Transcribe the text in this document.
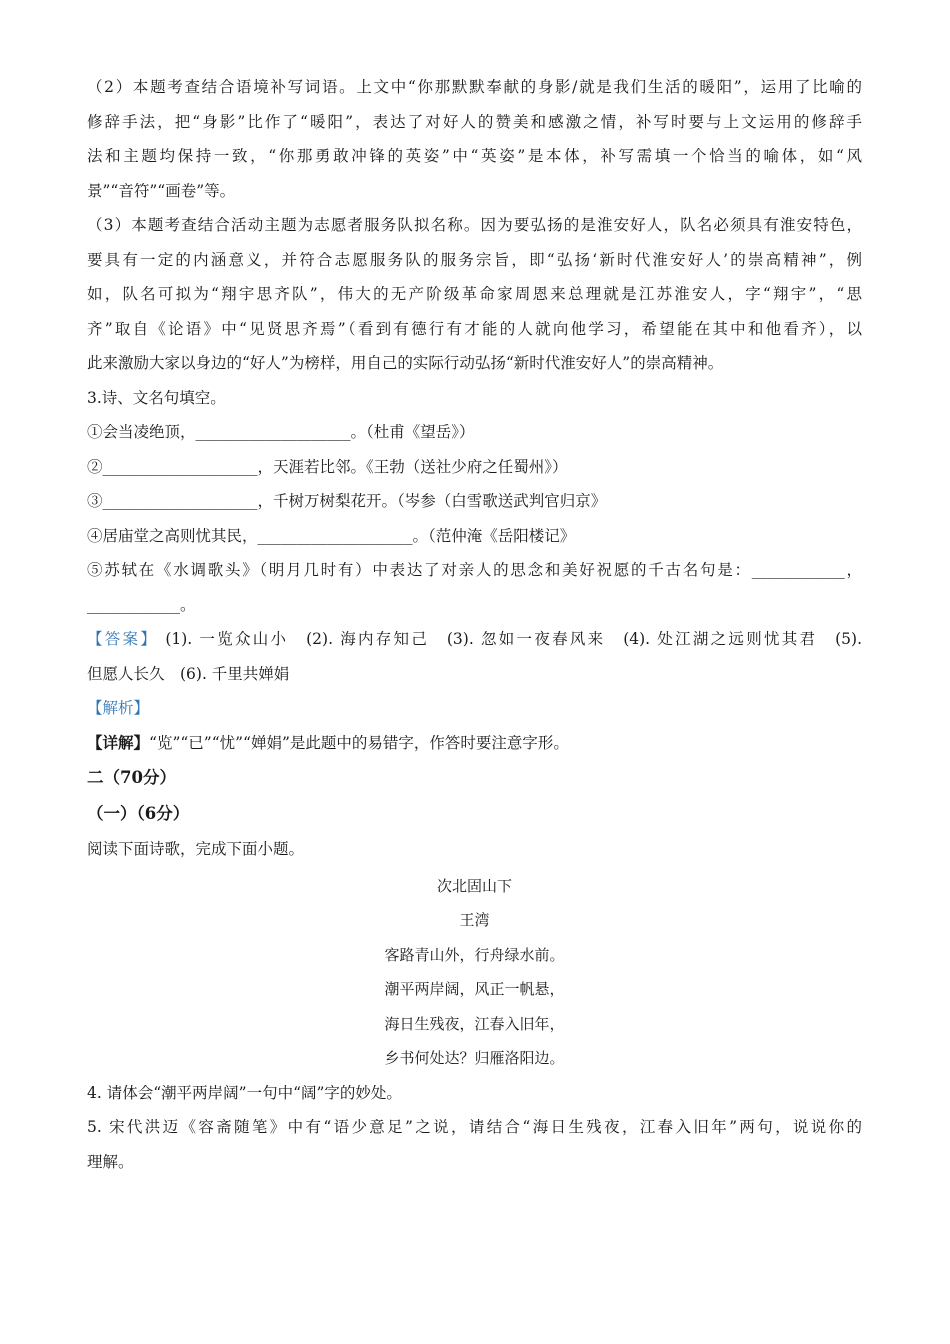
（2）本题考查结合语境补写词语。上文中“你那默默奉献的身影/就是我们生活的暖阳”，运用了比喻的

修辞手法，把“身影”比作了“暖阳”，表达了对好人的赞美和感激之情，补写时要与上文运用的修辞手

法和主题均保持一致，“你那勇敢冲锋的英姿”中“英姿”是本体，补写需填一个恰当的喻体，如“风

景”“音符”“画卷”等。

（3）本题考查结合活动主题为志愿者服务队拟名称。因为要弘扬的是淮安好人，队名必须具有淮安特色，

要具有一定的内涵意义，并符合志愿服务队的服务宗旨，即“弘扬‘新时代淮安好人’的崇高精神”，例

如，队名可拟为“翔宇思齐队”，伟大的无产阶级革命家周恩来总理就是江苏淮安人，字“翔宇”，“思

齐”取自《论语》中“见贤思齐焉”（看到有德行有才能的人就向他学习，希望能在其中和他看齐），以

此来激励大家以身边的“好人”为榜样，用自己的实际行动弘扬“新时代淮安好人”的崇高精神。

3.诗、文名句填空。

①会当凌绝顶，____________________。（杜甫《望岳》）

②____________________，天涯若比邻。《王勃（送社少府之任蜀州》）

③____________________，千树万树梨花开。（岑参（白雪歌送武判官归京》

④居庙堂之高则忧其民，____________________。（范仲淹《岳阳楼记》

⑤苏轼在《水调歌头》（明月几时有）中表达了对亲人的思念和美好祝愿的千古名句是：____________，

____________。

【答案】 (1). 一览众山小　(2). 海内存知己　(3). 忽如一夜春风来　(4). 处江湖之远则忧其君　(5).

但愿人长久　(6). 千里共婵娟

【解析】

【详解】“览”“已”“忧”“婵娟”是此题中的易错字，作答时要注意字形。

二（70分）

（一）（6分）

阅读下面诗歌，完成下面小题。

次北固山下

王湾

客路青山外，行舟绿水前。

潮平两岸阔，风正一帆悬，

海日生残夜，江春入旧年，

乡书何处达？归雁洛阳边。

4. 请体会“潮平两岸阔”一句中“阔”字的妙处。

5. 宋代洪迈《容斋随笔》中有“语少意足”之说，请结合“海日生残夜，江春入旧年”两句，说说你的

理解。
